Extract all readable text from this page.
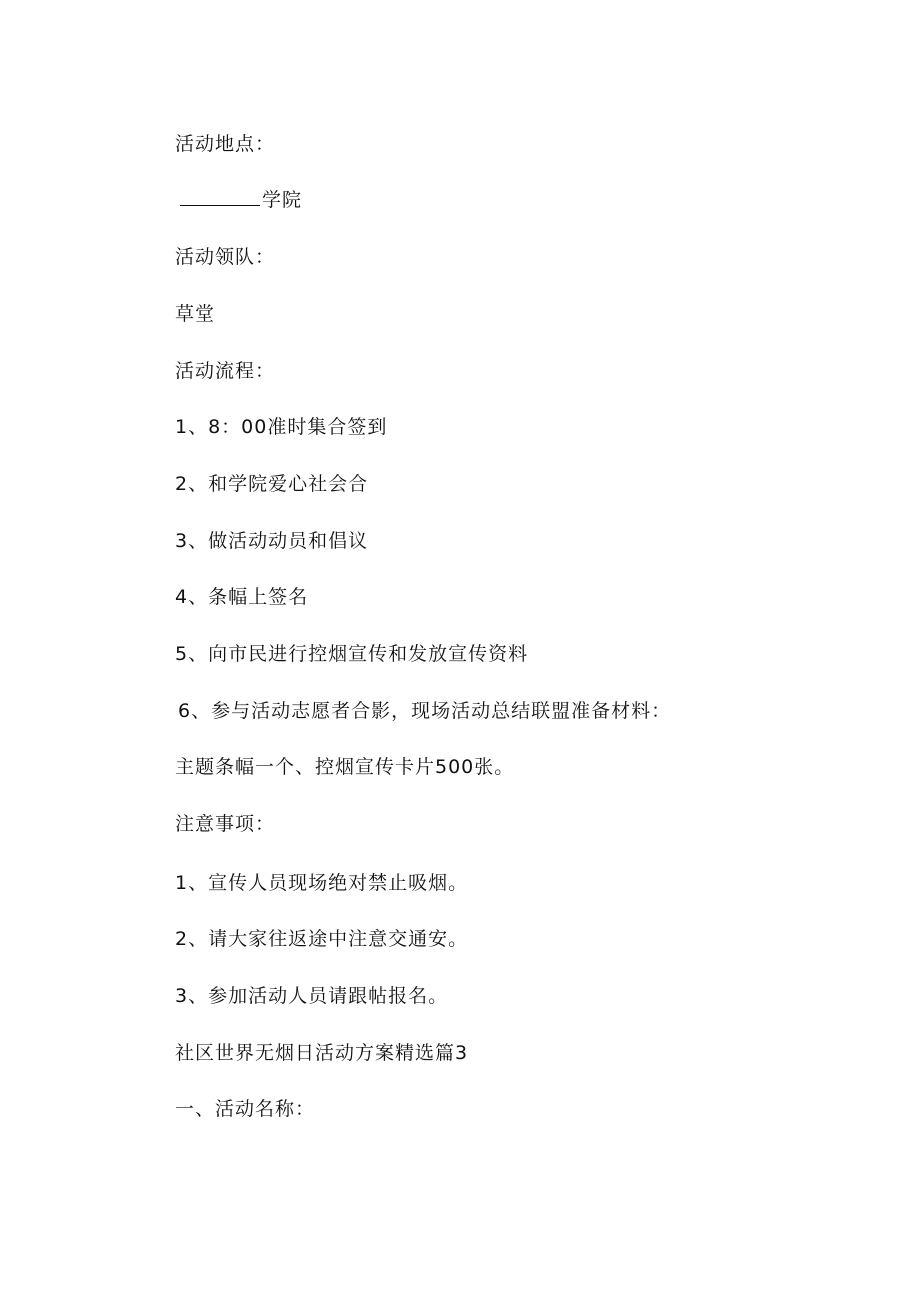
活动地点：
学院
活动领队：
草堂
活动流程：
1、8：00准时集合签到
2、和学院爱心社会合
3、做活动动员和倡议
4、条幅上签名
5、向市民进行控烟宣传和发放宣传资料
6、参与活动志愿者合影，现场活动总结联盟准备材料：
主题条幅一个、控烟宣传卡片500张。
注意事项：
1、宣传人员现场绝对禁止吸烟。
2、请大家往返途中注意交通安。
3、参加活动人员请跟帖报名。
社区世界无烟日活动方案精选篇3
一、活动名称：
